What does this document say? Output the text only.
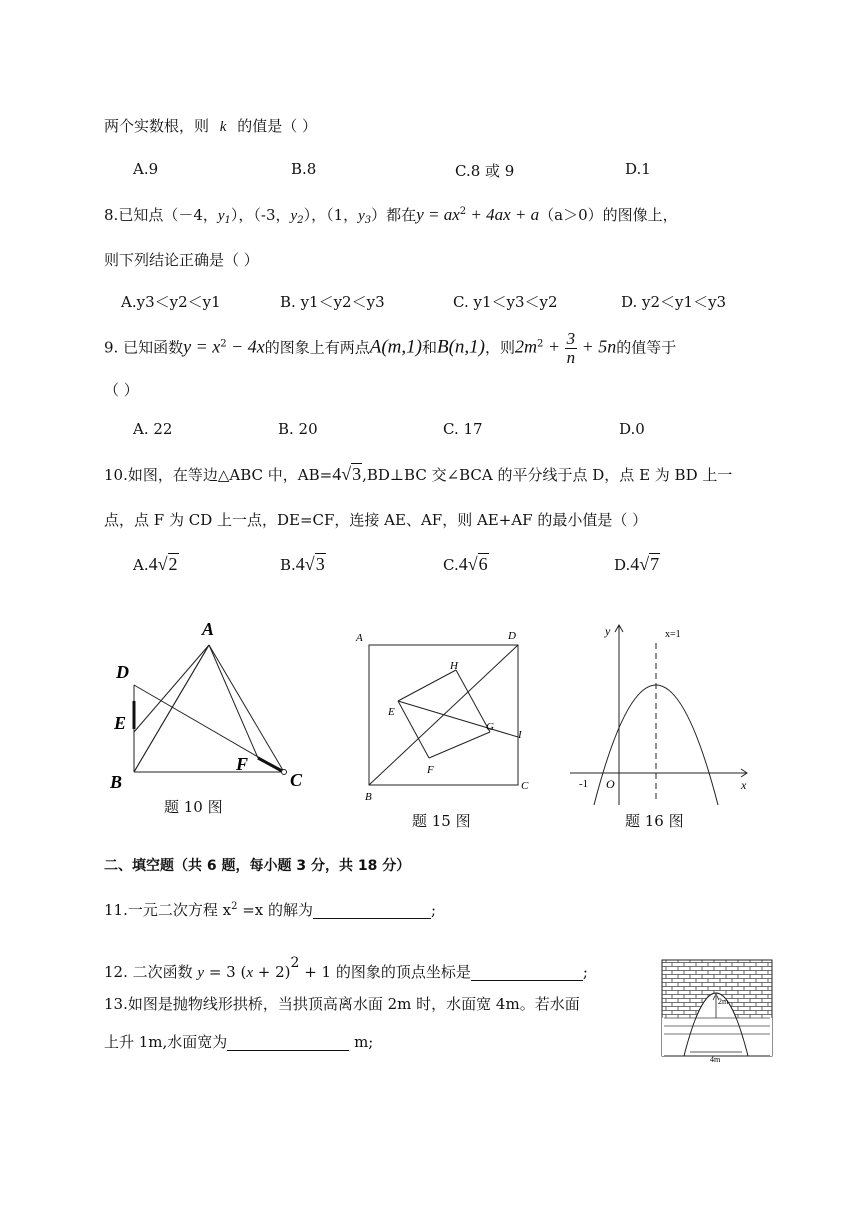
两个实数根，则 k 的值是（ ）
A.9	B.8	C.8 或 9	D.1
8.已知点（－4，$y_1$），（-3，$y_2$），（1，$y_3$）都在$y = ax^2 + 4ax + a(a>0)$的图像上，
则下列结论正确是（ ）
A.y3＜y2＜y1	B. y1＜y2＜y3	C. y1＜y3＜y2	D. y2＜y1＜y3
9. 已知函数$y = x^2 - 4x$的图象上有两点A(m,1)和B(n,1)，则$2m^2 + \frac{3}{n} + 5n$的值等于
（ ）
A. 22	B. 20	C. 17	D.0
10.如图，在等边△ABC 中，AB=4√3,BD⊥BC 交∠BCA 的平分线于点 D，点 E 为 BD 上一
点，点 F 为 CD 上一点，DE=CF，连接 AE、AF，则 AE+AF 的最小值是（ ）
A.4√2	B.4√3	C.4√6	D.4√7
A
D
E
B
F
C
题 10 图
A	D
H
E
G
I
F
B
C
题 15 图
y	x=1
-1 O	x
题 16 图
二、填空题（共 6 题，每小题 3 分，共 18 分）
11.一元二次方程 $x^2 =x$ 的解为	;
12. 二次函数 y = 3 (x + 2)2 + 1 的图象的顶点坐标是	;
13.如图是抛物线形拱桥，当拱顶高离水面 2m 时，水面宽 4m。若水面
上升 1m,水面宽为	m;
2m
4m
